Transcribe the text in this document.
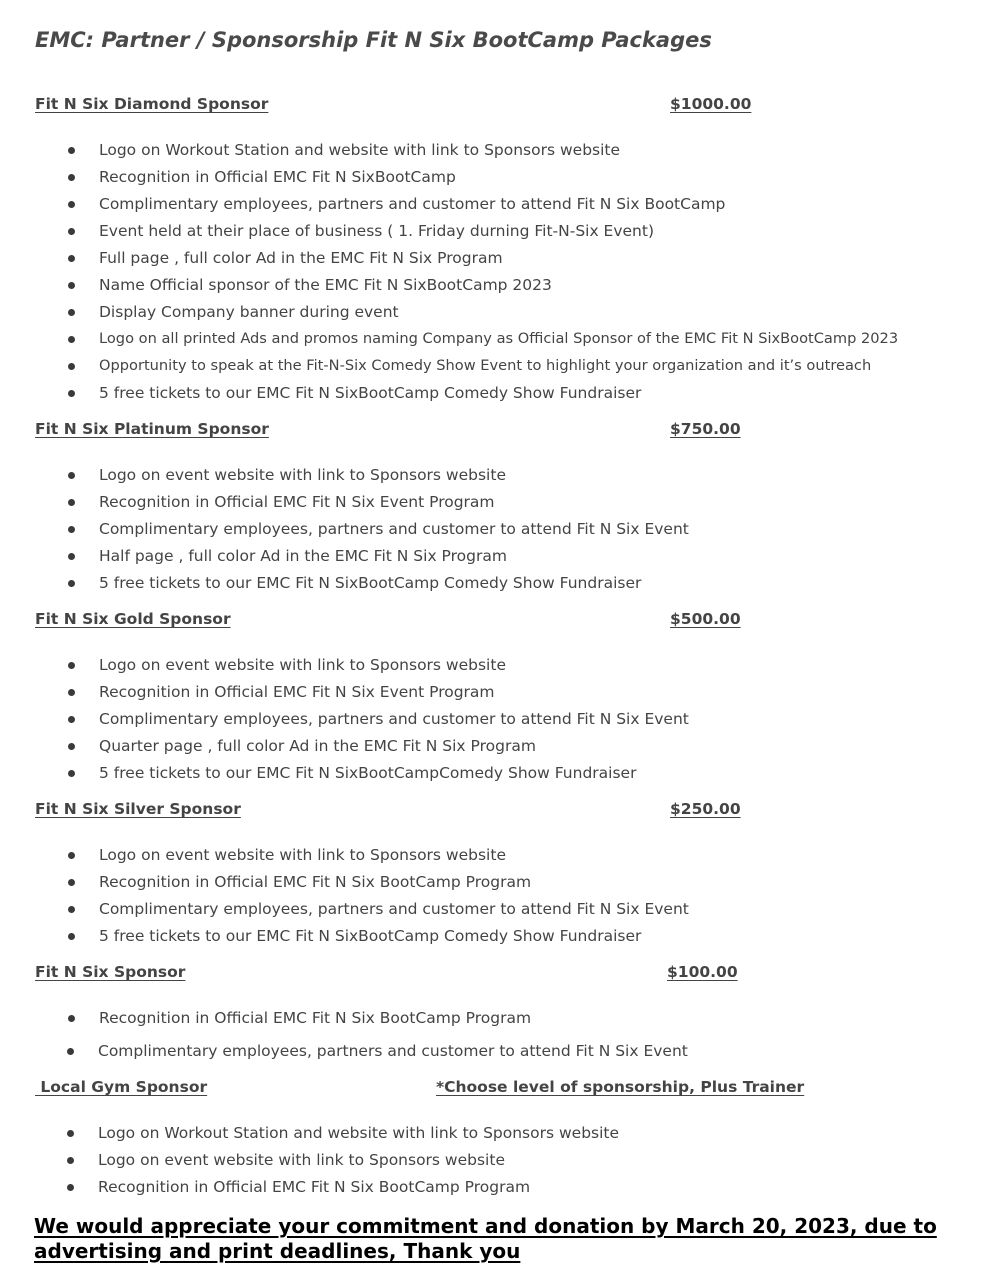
EMC: Partner / Sponsorship Fit N Six BootCamp Packages
Fit N Six Diamond Sponsor	$1000.00
Logo on Workout Station and website with link to Sponsors website
Recognition in Official EMC Fit N SixBootCamp
Complimentary employees, partners and customer to attend Fit N Six BootCamp
Event held at their place of business ( 1. Friday durning Fit-N-Six Event)
Full page , full color Ad in the EMC Fit N Six Program
Name Official sponsor of the EMC Fit N SixBootCamp 2023
Display Company banner during event
Logo on all printed Ads and promos naming Company as Official Sponsor of the EMC Fit N SixBootCamp 2023
Opportunity to speak at the Fit-N-Six Comedy Show Event to highlight your organization and it’s outreach
5 free tickets to our EMC Fit N SixBootCamp Comedy Show Fundraiser
Fit N Six Platinum Sponsor	$750.00
Logo on event website with link to Sponsors website
Recognition in Official EMC Fit N Six Event Program
Complimentary employees, partners and customer to attend Fit N Six Event
Half page , full color Ad in the EMC Fit N Six Program
5 free tickets to our EMC Fit N SixBootCamp Comedy Show Fundraiser
Fit N Six Gold Sponsor	$500.00
Logo on event website with link to Sponsors website
Recognition in Official EMC Fit N Six Event Program
Complimentary employees, partners and customer to attend Fit N Six Event
Quarter page , full color Ad in the EMC Fit N Six Program
5 free tickets to our EMC Fit N SixBootCampComedy Show Fundraiser
Fit N Six Silver Sponsor	$250.00
Logo on event website with link to Sponsors website
Recognition in Official EMC Fit N Six BootCamp Program
Complimentary employees, partners and customer to attend Fit N Six Event
5 free tickets to our EMC Fit N SixBootCamp Comedy Show Fundraiser
Fit N Six Sponsor	$100.00
Recognition in Official EMC Fit N Six BootCamp Program
Complimentary employees, partners and customer to attend Fit N Six Event
Local Gym Sponsor	*Choose level of sponsorship, Plus Trainer
Logo on Workout Station and website with link to Sponsors website
Logo on event website with link to Sponsors website
Recognition in Official EMC Fit N Six BootCamp Program
We would appreciate your commitment and donation by March 20, 2023, due to advertising and print deadlines, Thank you
